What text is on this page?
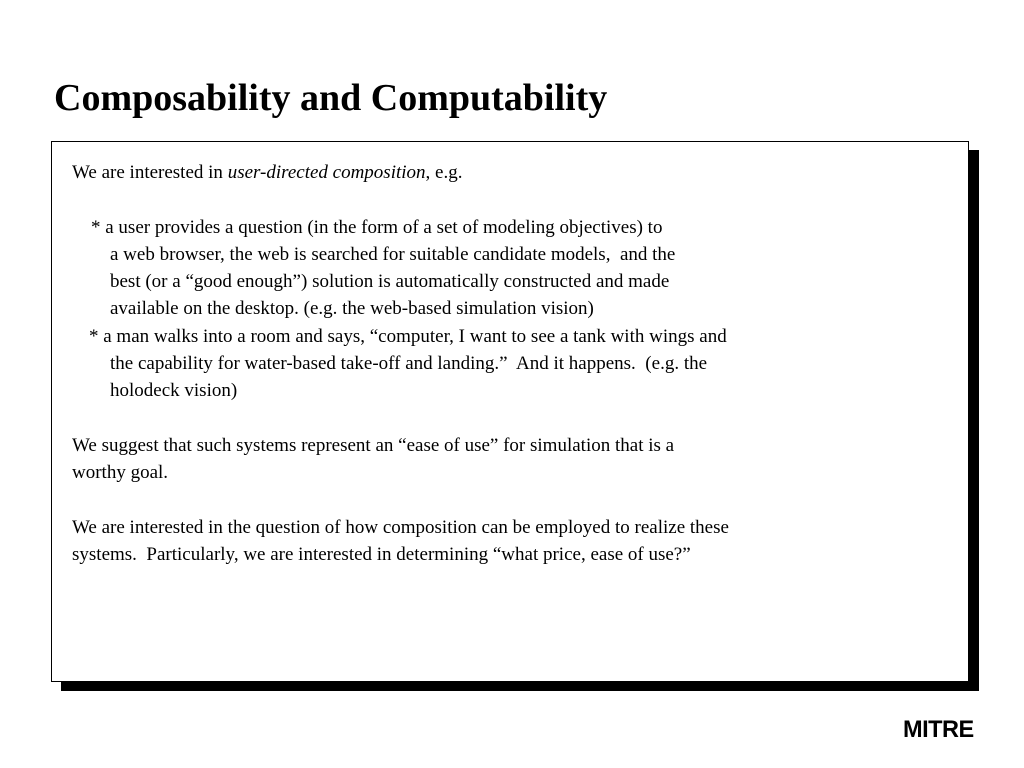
Composability and Computability
We are interested in user-directed composition, e.g.
* a user provides a question (in the form of a set of modeling objectives) to
a web browser, the web is searched for suitable candidate models,  and the
best (or a “good enough”) solution is automatically constructed and made
available on the desktop. (e.g. the web-based simulation vision)
* a man walks into a room and says, “computer, I want to see a tank with wings and
the capability for water-based take-off and landing.”  And it happens.  (e.g. the
holodeck vision)
We suggest that such systems represent an “ease of use” for simulation that is a
worthy goal.
We are interested in the question of how composition can be employed to realize these
systems.  Particularly, we are interested in determining “what price, ease of use?”
MITRE
